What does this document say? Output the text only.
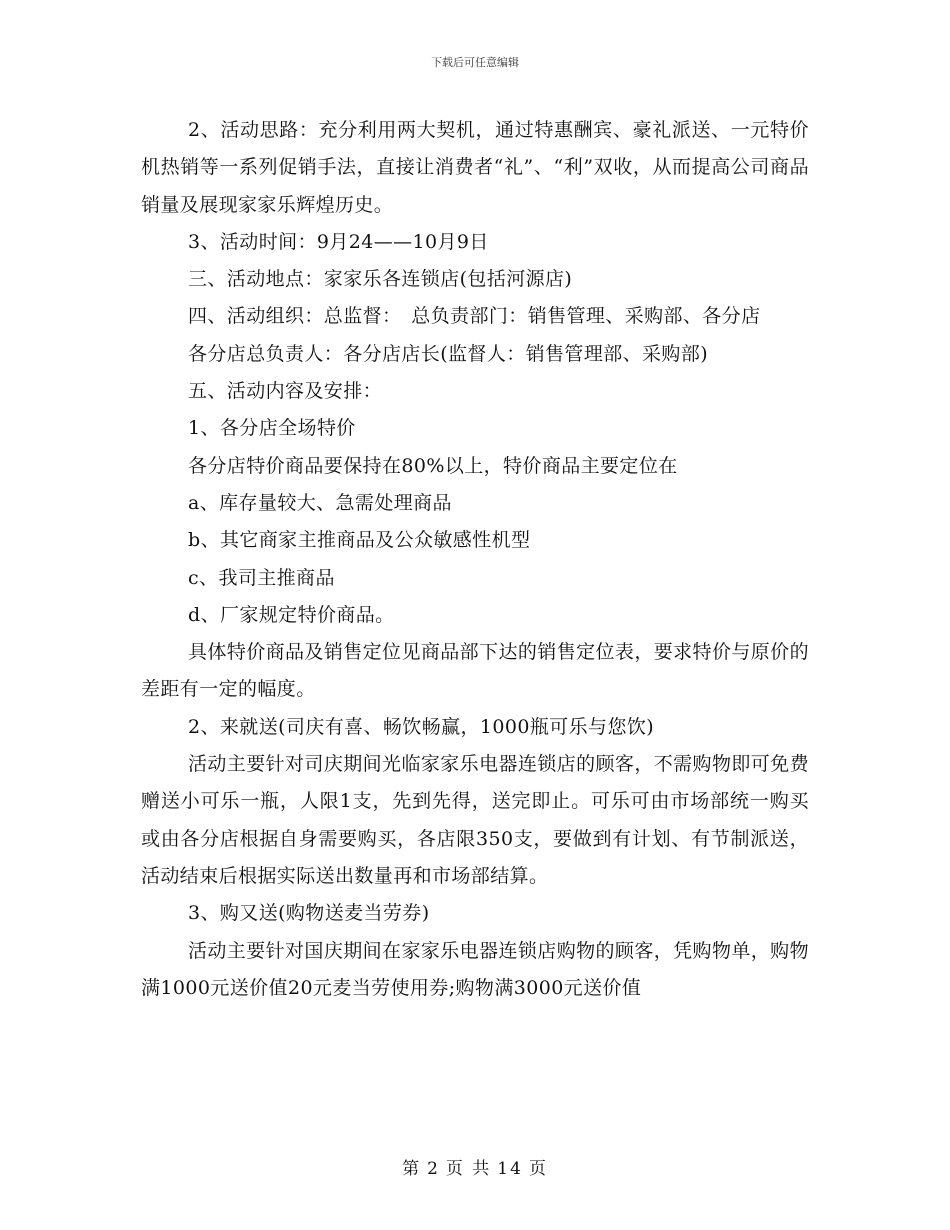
下载后可任意编辑

2、活动思路：充分利用两大契机，通过特惠酬宾、豪礼派送、一元特价机热销等一系列促销手法，直接让消费者“礼”、“利”双收，从而提高公司商品销量及展现家家乐辉煌历史。

3、活动时间：9月24——10月9日

三、活动地点：家家乐各连锁店(包括河源店)

四、活动组织：总监督：　总负责部门：销售管理、采购部、各分店

各分店总负责人：各分店店长(监督人：销售管理部、采购部)

五、活动内容及安排：

1、各分店全场特价

各分店特价商品要保持在80%以上，特价商品主要定位在

a、库存量较大、急需处理商品

b、其它商家主推商品及公众敏感性机型

c、我司主推商品

d、厂家规定特价商品。

具体特价商品及销售定位见商品部下达的销售定位表，要求特价与原价的差距有一定的幅度。

2、来就送(司庆有喜、畅饮畅赢，1000瓶可乐与您饮)

活动主要针对司庆期间光临家家乐电器连锁店的顾客，不需购物即可免费赠送小可乐一瓶，人限1支，先到先得，送完即止。可乐可由市场部统一购买或由各分店根据自身需要购买，各店限350支，要做到有计划、有节制派送，活动结束后根据实际送出数量再和市场部结算。

3、购又送(购物送麦当劳券)

活动主要针对国庆期间在家家乐电器连锁店购物的顾客，凭购物单，购物满1000元送价值20元麦当劳使用券;购物满3000元送价值

第 2 页 共 14 页
